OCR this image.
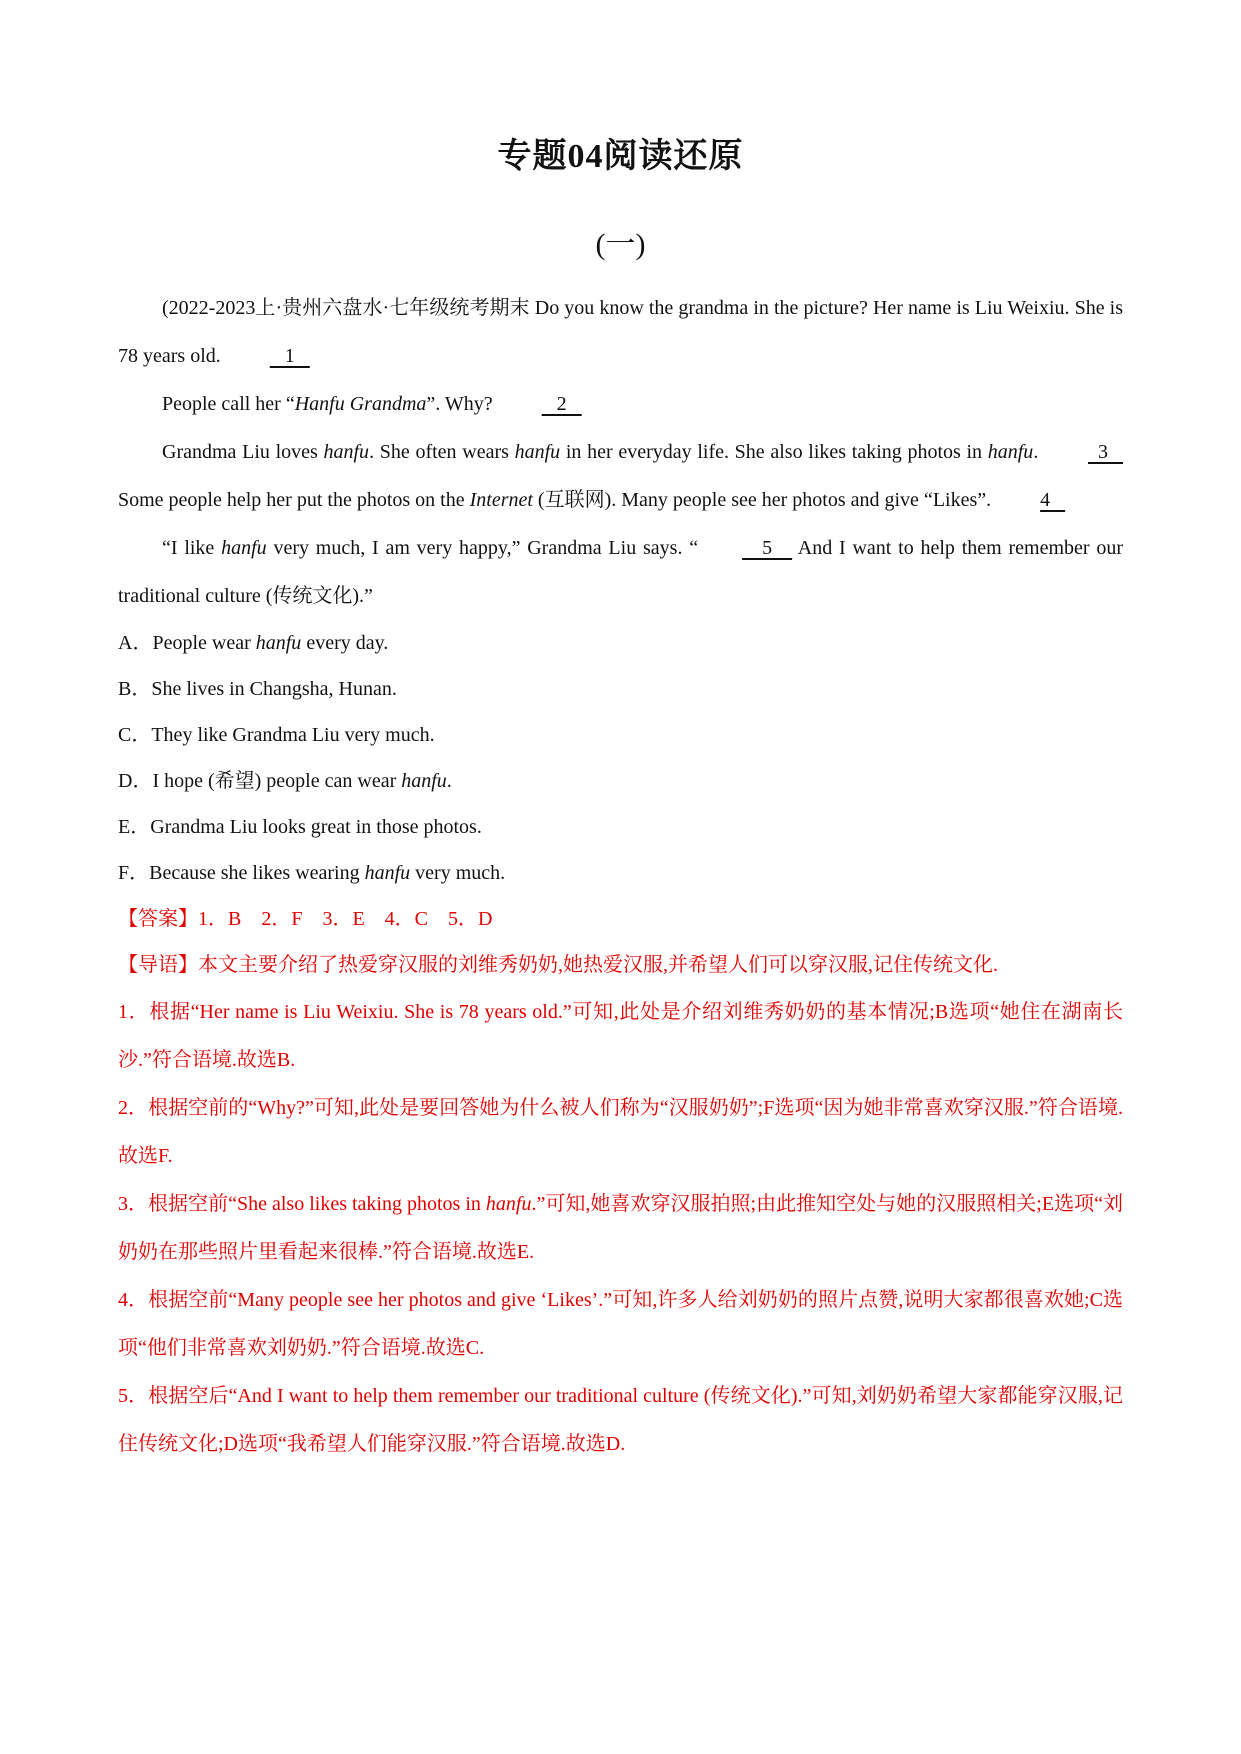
专题04阅读还原
(一)

(2022-2023上·贵州六盘水·七年级统考期末 Do you know the grandma in the picture? Her name is Liu Weixiu. She is 78 years old.    1

People call her “Hanfu Grandma”. Why?    2

Grandma Liu loves hanfu. She often wears hanfu in her everyday life. She also likes taking photos in hanfu.   3    Some people help her put the photos on the Internet (互联网). Many people see her photos and give “Likes”. 4

“I like hanfu very much, I am very happy,” Grandma Liu says. “    5     And I want to help them remember our traditional culture (传统文化).”

A．People wear hanfu every day.

B．She lives in Changsha, Hunan.

C．They like Grandma Liu very much.

D．I hope (希望) people can wear hanfu.

E．Grandma Liu looks great in those photos.

F．Because she likes wearing hanfu very much.

【答案】1．B　2．F　3．E　4．C　5．D

【导语】本文主要介绍了热爱穿汉服的刘维秀奶奶,她热爱汉服,并希望人们可以穿汉服,记住传统文化.

1．根据“Her name is Liu Weixiu. She is 78 years old.”可知,此处是介绍刘维秀奶奶的基本情况;B选项“她住在湖南长沙.”符合语境.故选B.

2．根据空前的“Why?”可知,此处是要回答她为什么被人们称为“汉服奶奶”;F选项“因为她非常喜欢穿汉服.”符合语境.故选F.

3．根据空前“She also likes taking photos in hanfu.”可知,她喜欢穿汉服拍照;由此推知空处与她的汉服照相关;E选项“刘奶奶在那些照片里看起来很棒.”符合语境.故选E.

4．根据空前“Many people see her photos and give ‘Likes’.”可知,许多人给刘奶奶的照片点赞,说明大家都很喜欢她;C选项“他们非常喜欢刘奶奶.”符合语境.故选C.

5．根据空后“And I want to help them remember our traditional culture (传统文化).”可知,刘奶奶希望大家都能穿汉服,记住传统文化;D选项“我希望人们能穿汉服.”符合语境.故选D.
